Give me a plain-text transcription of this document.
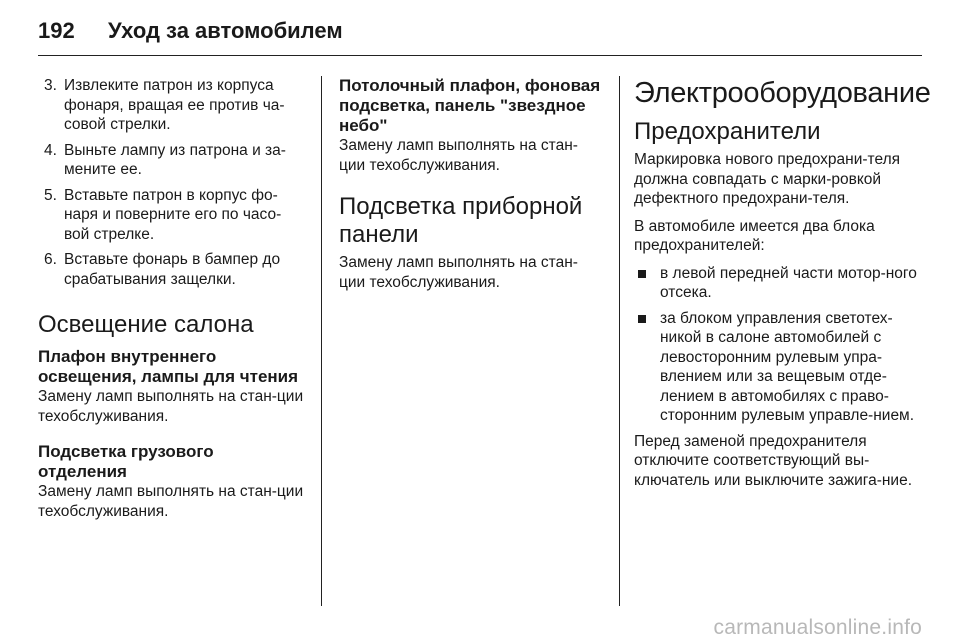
192	Уход за автомобилем
3. Извлеките патрон из корпуса фонаря, вращая ее против ча-совой стрелки.
4. Выньте лампу из патрона и за-мените ее.
5. Вставьте патрон в корпус фо-наря и поверните его по часо-вой стрелке.
6. Вставьте фонарь в бампер до срабатывания защелки.
Освещение салона
Плафон внутреннего освещения, лампы для чтения

Замену ламп выполнять на стан-ции техобслуживания.

Подсветка грузового отделения

Замену ламп выполнять на стан-ции техобслуживания.

Потолочный плафон, фоновая подсветка, панель "звездное небо"

Замену ламп выполнять на стан-ции техобслуживания.

Подсветка приборной панели

Замену ламп выполнять на стан-ции техобслуживания.

Электрооборудование
Предохранители

Маркировка нового предохрани-теля должна совпадать с марки-ровкой дефектного предохрани-теля.

В автомобиле имеется два блока предохранителей:

в левой передней части мотор-ного отсека.
за блоком управления светотех-никой в салоне автомобилей с левосторонним рулевым упра-влением или за вещевым отде-лением в автомобилях с право-сторонним рулевым управле-нием.

Перед заменой предохранителя отключите соответствующий вы-ключатель или выключите зажига-ние.

carmanualsonline.info
